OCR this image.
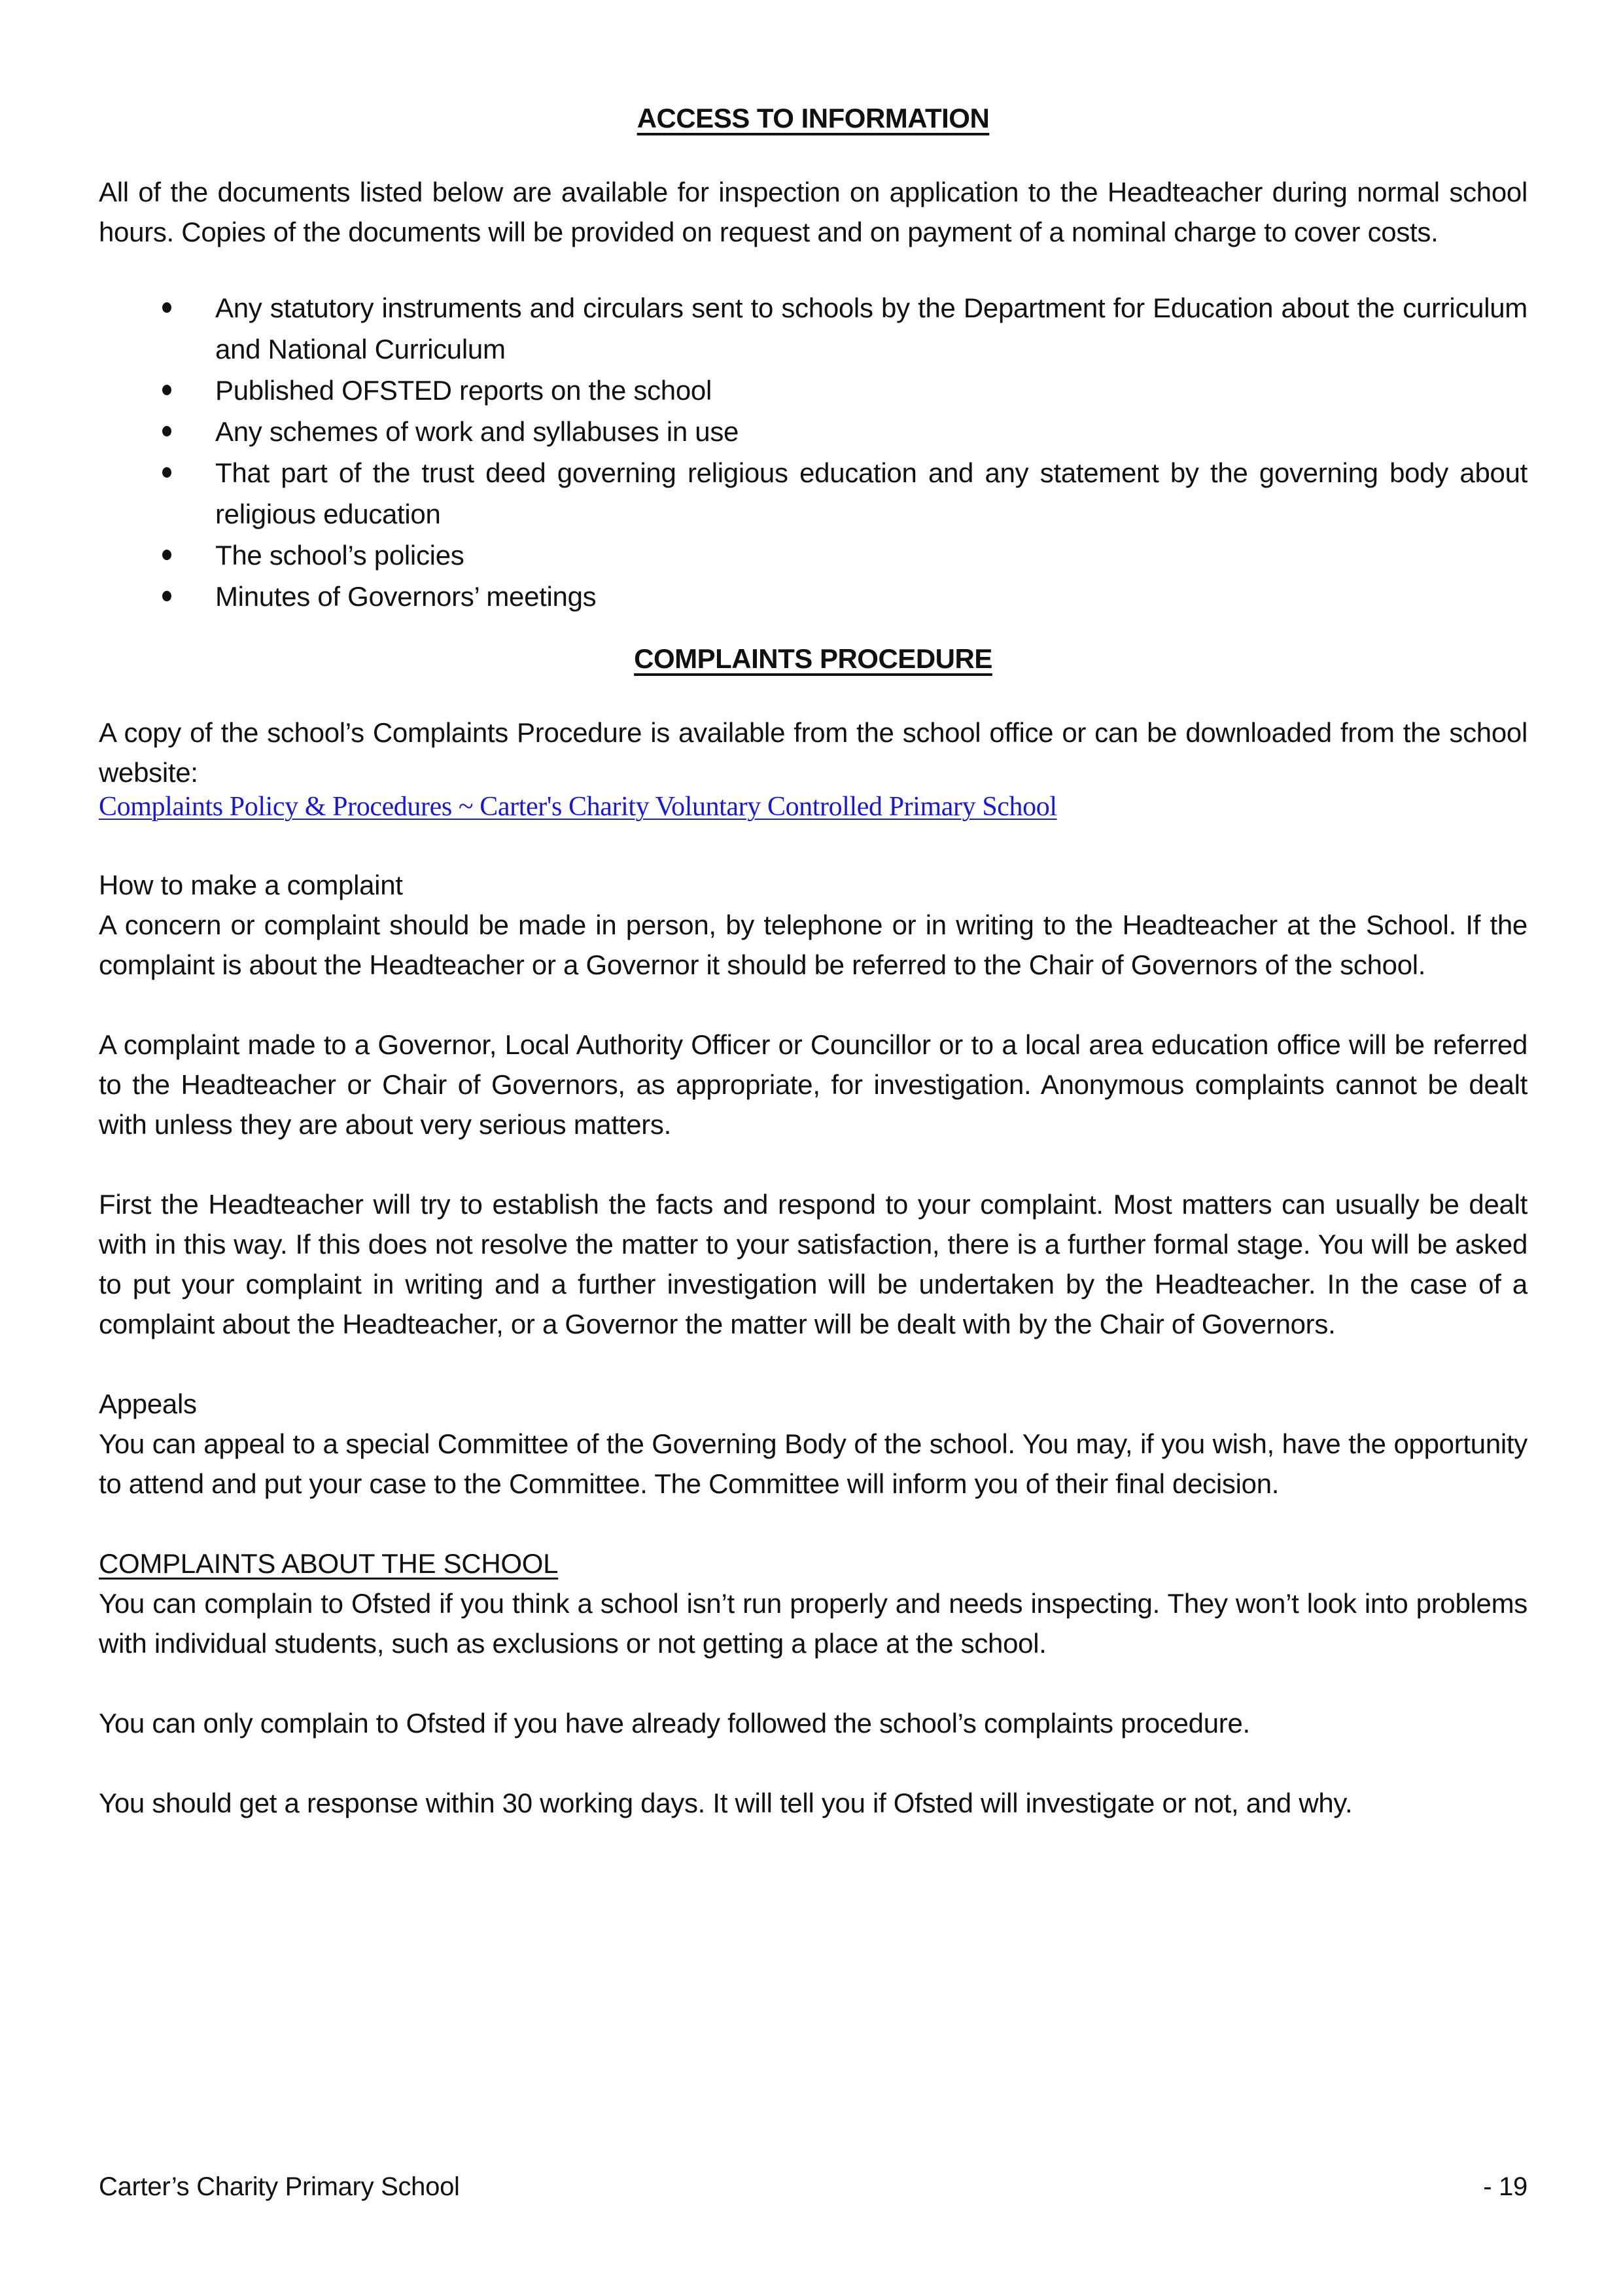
ACCESS TO INFORMATION

All of the documents listed below are available for inspection on application to the Headteacher during normal school hours. Copies of the documents will be provided on request and on payment of a nominal charge to cover costs.

Any statutory instruments and circulars sent to schools by the Department for Education about the curriculum and National Curriculum
Published OFSTED reports on the school
Any schemes of work and syllabuses in use
That part of the trust deed governing religious education and any statement by the governing body about religious education
The school’s policies
Minutes of Governors’ meetings
COMPLAINTS PROCEDURE

A copy of the school’s Complaints Procedure is available from the school office or can be downloaded from the school website:

Complaints Policy & Procedures ~ Carter's Charity Voluntary Controlled Primary School

How to make a complaint

A concern or complaint should be made in person, by telephone or in writing to the Headteacher at the School. If the complaint is about the Headteacher or a Governor it should be referred to the Chair of Governors of the school.

A complaint made to a Governor, Local Authority Officer or Councillor or to a local area education office will be referred to the Headteacher or Chair of Governors, as appropriate, for investigation. Anonymous complaints cannot be dealt with unless they are about very serious matters.

First the Headteacher will try to establish the facts and respond to your complaint. Most matters can usually be dealt with in this way. If this does not resolve the matter to your satisfaction, there is a further formal stage. You will be asked to put your complaint in writing and a further investigation will be undertaken by the Headteacher. In the case of a complaint about the Headteacher, or a Governor the matter will be dealt with by the Chair of Governors.

Appeals

You can appeal to a special Committee of the Governing Body of the school. You may, if you wish, have the opportunity to attend and put your case to the Committee. The Committee will inform you of their final decision.

COMPLAINTS ABOUT THE SCHOOL

You can complain to Ofsted if you think a school isn’t run properly and needs inspecting. They won’t look into problems with individual students, such as exclusions or not getting a place at the school.

You can only complain to Ofsted if you have already followed the school’s complaints procedure.

You should get a response within 30 working days. It will tell you if Ofsted will investigate or not, and why.

Carter’s Charity Primary School	- 19
